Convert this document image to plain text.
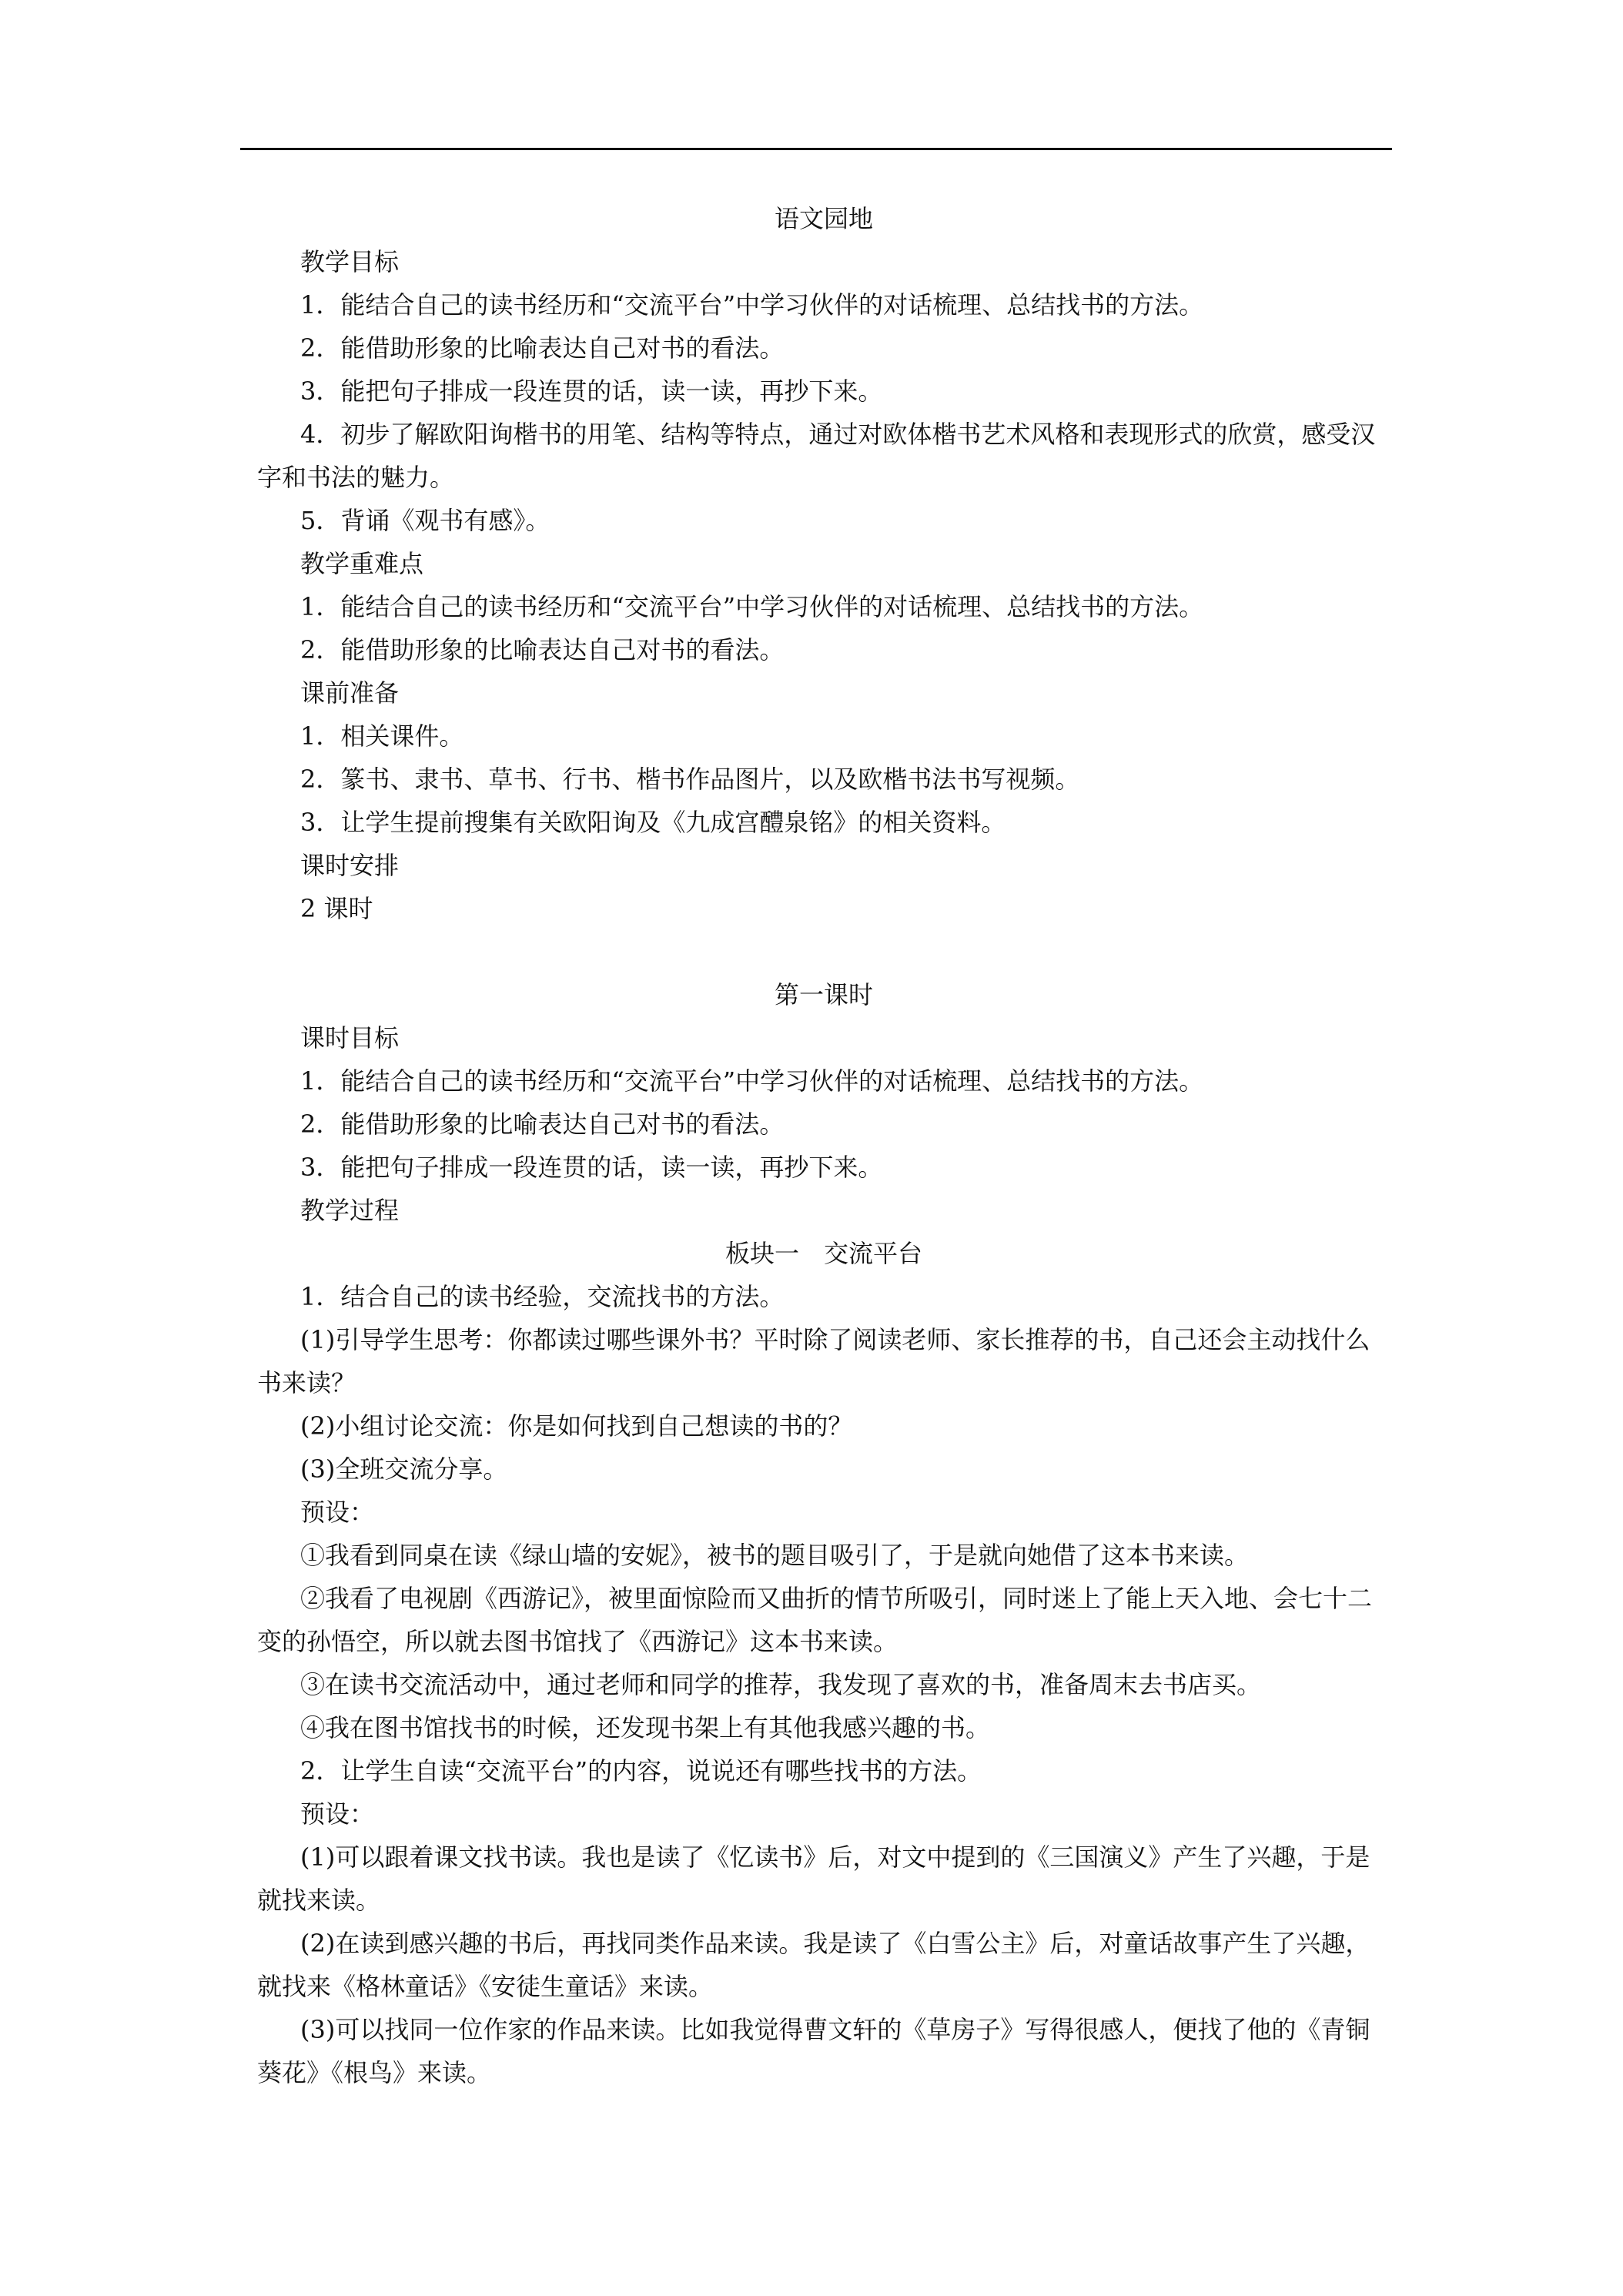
语文园地
教学目标
1．能结合自己的读书经历和“交流平台”中学习伙伴的对话梳理、总结找书的方法。
2．能借助形象的比喻表达自己对书的看法。
3．能把句子排成一段连贯的话，读一读，再抄下来。
4．初步了解欧阳询楷书的用笔、结构等特点，通过对欧体楷书艺术风格和表现形式的欣赏，感受汉字和书法的魅力。
5．背诵《观书有感》。
教学重难点
1．能结合自己的读书经历和“交流平台”中学习伙伴的对话梳理、总结找书的方法。
2．能借助形象的比喻表达自己对书的看法。
课前准备
1．相关课件。
2．篆书、隶书、草书、行书、楷书作品图片，以及欧楷书法书写视频。
3．让学生提前搜集有关欧阳询及《九成宫醴泉铭》的相关资料。
课时安排
2 课时
第一课时
课时目标
1．能结合自己的读书经历和“交流平台”中学习伙伴的对话梳理、总结找书的方法。
2．能借助形象的比喻表达自己对书的看法。
3．能把句子排成一段连贯的话，读一读，再抄下来。
教学过程
板块一　交流平台
1．结合自己的读书经验，交流找书的方法。
(1)引导学生思考：你都读过哪些课外书？平时除了阅读老师、家长推荐的书，自己还会主动找什么书来读？
(2)小组讨论交流：你是如何找到自己想读的书的？
(3)全班交流分享。
预设：
①我看到同桌在读《绿山墙的安妮》，被书的题目吸引了，于是就向她借了这本书来读。
②我看了电视剧《西游记》，被里面惊险而又曲折的情节所吸引，同时迷上了能上天入地、会七十二变的孙悟空，所以就去图书馆找了《西游记》这本书来读。
③在读书交流活动中，通过老师和同学的推荐，我发现了喜欢的书，准备周末去书店买。
④我在图书馆找书的时候，还发现书架上有其他我感兴趣的书。
2．让学生自读“交流平台”的内容，说说还有哪些找书的方法。
预设：
(1)可以跟着课文找书读。我也是读了《忆读书》后，对文中提到的《三国演义》产生了兴趣，于是就找来读。
(2)在读到感兴趣的书后，再找同类作品来读。我是读了《白雪公主》后，对童话故事产生了兴趣，就找来《格林童话》《安徒生童话》来读。
(3)可以找同一位作家的作品来读。比如我觉得曹文轩的《草房子》写得很感人，便找了他的《青铜葵花》《根鸟》来读。
